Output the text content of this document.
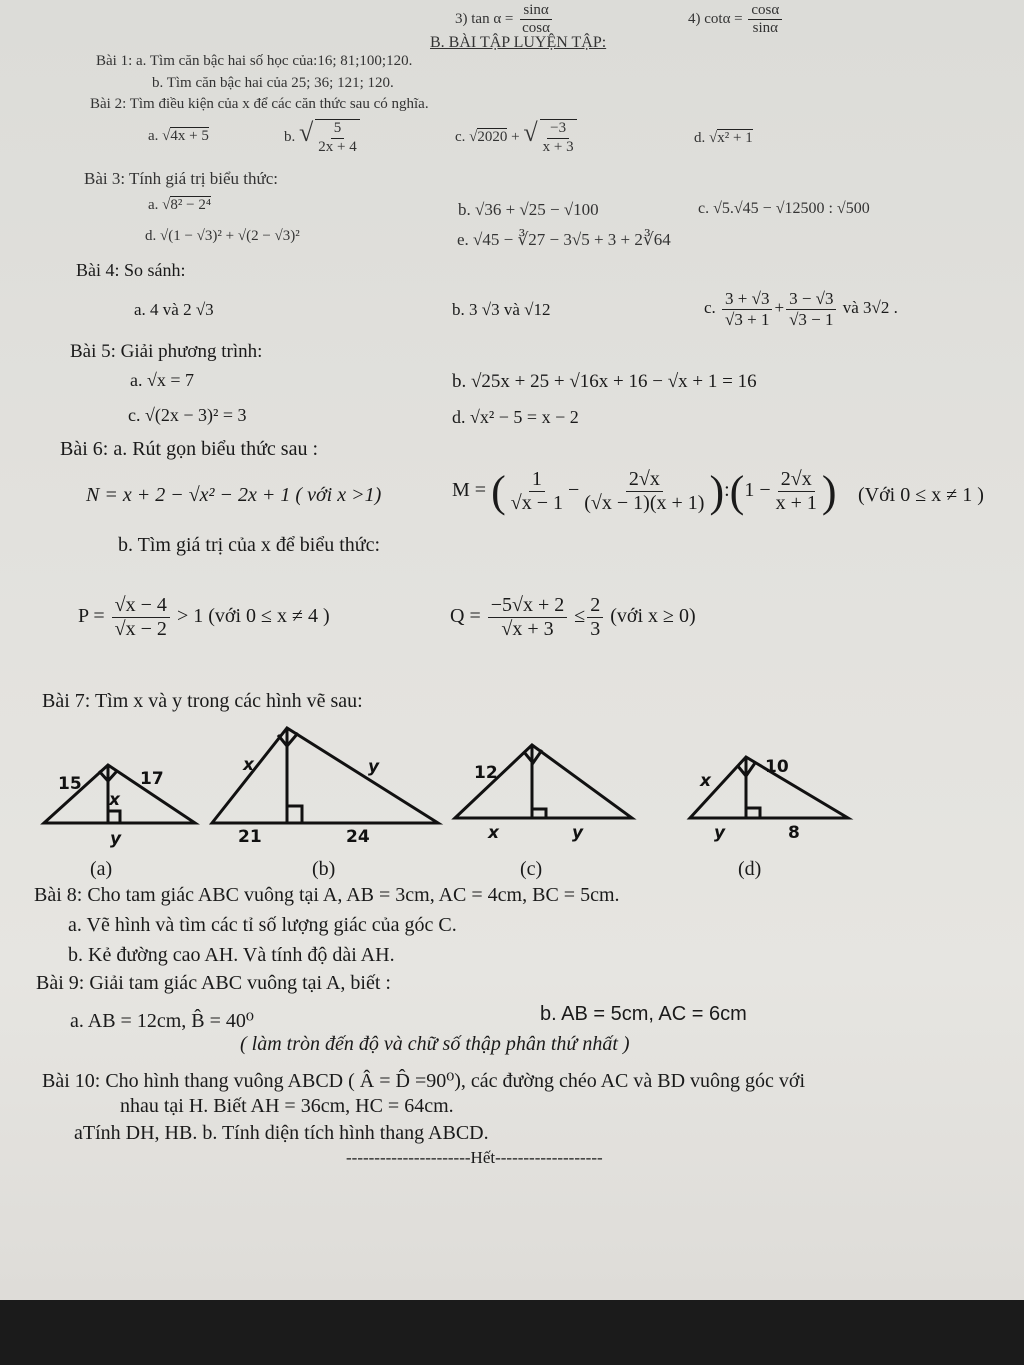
3) $\tan \alpha = \frac{\sin\alpha}{\cos\alpha}$	4) $\cot\alpha = \frac{\cos\alpha}{\sin\alpha}$
B. BÀI TẬP LUYỆN TẬP:
Bài 1: a. Tìm căn bậc hai số học của:16; 81;100;120.
b. Tìm căn bậc hai của 25; 36; 121; 120.
Bài 2: Tìm điều kiện của x để các căn thức sau có nghĩa.
a. √4x + 5	b. √ $\frac{5}{2x + 4}$	c. √2020 + √ $\frac{-3}{x + 3}$	d. √x² + 1
Bài 3: Tính giá trị biểu thức:
a. √8² − 2⁴	b. √36 + √25 − √100	c. √5.√45 − √12500 : √500
d. √(1 − √3)² + √(2 − √3)²	e. √45 − ∛27 − 3√5 + 3 + 2∛64
Bài 4: So sánh:
a. 4 và 2 √3	b. 3 √3 và √12	c. $\frac{3 + √3}{√3 + 1} + \frac{3 - √3}{√3 - 1}$ và 3√2 .
Bài 5: Giải phương trình:
a. √x = 7	b. √25x + 25 + √16x + 16 − √x + 1 = 16
c. √(2x − 3)² = 3	d. √x² − 5 = x − 2
Bài 6: a. Rút gọn biểu thức sau :
N = x + 2 − √x² − 2x + 1 ( với x >1)	M = ( $\frac{1}{√x - 1} - \frac{2√x}{(√x - 1)(x + 1)}$ ):(1 − $\frac{2√x}{x + 1}$ ) (Với 0 ≤ x ≠ 1 )
b. Tìm giá trị của x để biểu thức:
$P = \frac{√x - 4}{√x - 2} > 1$ (với 0 ≤ x ≠ 4 )	$Q = \frac{-5√x + 2}{√x + 3} \le \frac{2}{3}$ (với x ≥ 0)
Bài 7: Tìm x và y trong các hình vẽ sau:
15	17
x
y
x	y
21	24
12
x	y
10
x
y	8
(a)	(b)	(c)	(d)
Bài 8: Cho tam giác ABC vuông tại A, AB = 3cm, AC = 4cm, BC = 5cm.
a. Vẽ hình và tìm các tỉ số lượng giác của góc C.
b. Kẻ đường cao AH. Và tính độ dài AH.
Bài 9: Giải tam giác ABC vuông tại A, biết :
a. AB = 12cm, B̂ = 40⁰	b. AB = 5cm, AC = 6cm
( làm tròn đến độ và chữ số thập phân thứ nhất )
Bài 10: Cho hình thang vuông ABCD ( Â = D̂ =90⁰), các đường chéo AC và BD vuông góc với
nhau tại H. Biết AH = 36cm, HC = 64cm.
aTính DH, HB. b. Tính diện tích hình thang ABCD.
----------------------Hết-------------------
